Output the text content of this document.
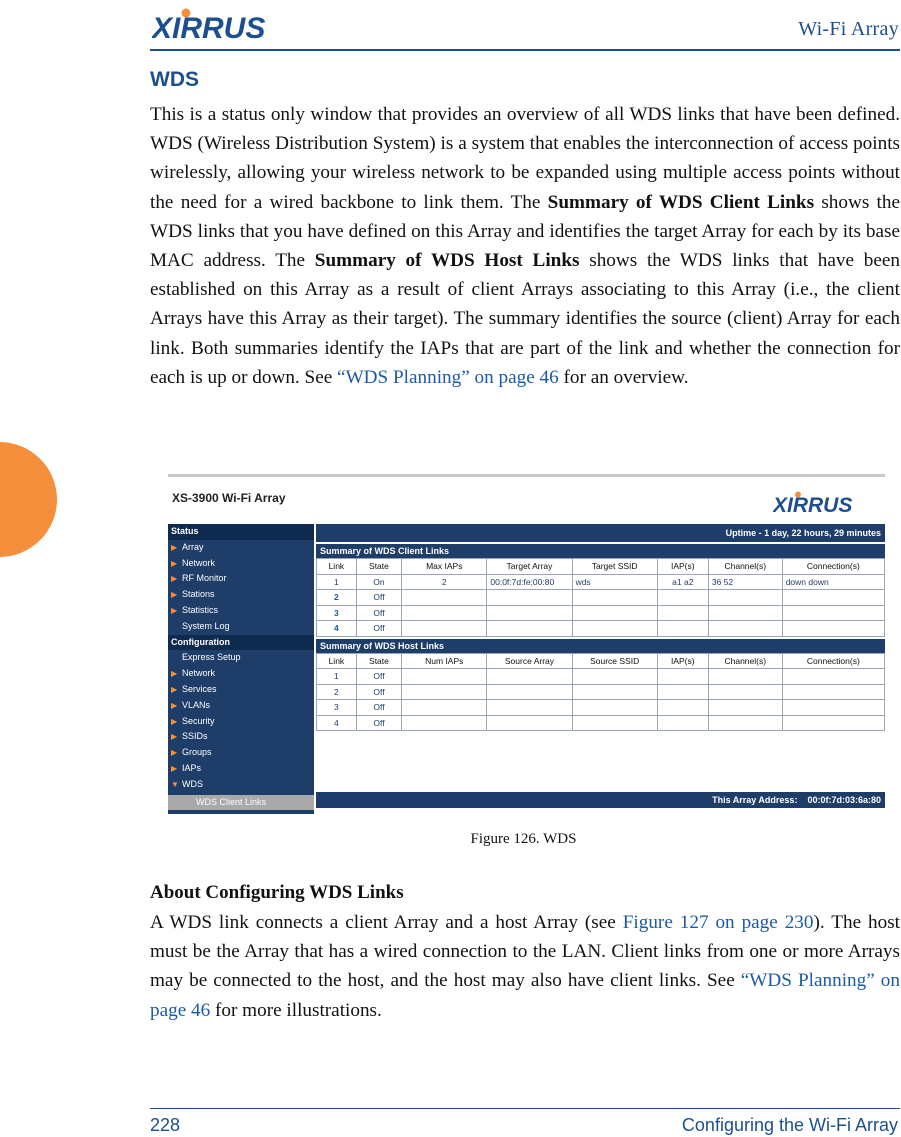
XIRRUS	Wi-Fi Array
WDS

This is a status only window that provides an overview of all WDS links that have been defined. WDS (Wireless Distribution System) is a system that enables the interconnection of access points wirelessly, allowing your wireless network to be expanded using multiple access points without the need for a wired backbone to link them. The Summary of WDS Client Links shows the WDS links that you have defined on this Array and identifies the target Array for each by its base MAC address. The Summary of WDS Host Links shows the WDS links that have been established on this Array as a result of client Arrays associating to this Array (i.e., the client Arrays have this Array as their target). The summary identifies the source (client) Array for each link. Both summaries identify the IAPs that are part of the link and whether the connection for each is up or down. See “WDS Planning” on page 46 for an overview.

XS-3900 Wi-Fi Array	XIRRUS
Status
▶ Array
▶ Network
▶ RF Monitor
▶ Stations
▶ Statistics
System Log
Configuration
Express Setup
▶ Network
▶ Services
▶ VLANs
▶ Security
▶ SSIDs
▶ Groups
▶ IAPs
▼ WDS
WDS Client Links
Uptime - 1 day, 22 hours, 29 minutes
Summary of WDS Client Links
Link	State	Max IAPs	Target Array	Target SSID	IAP(s)	Channel(s)	Connection(s)
1	On	2	00:0f:7d:fe:00:80	wds	a1 a2	36 52	down down
2	Off						
3	Off						
4	Off						
Summary of WDS Host Links
Link	State	Num IAPs	Source Array	Source SSID	IAP(s)	Channel(s)	Connection(s)
1	Off						
2	Off						
3	Off						
4	Off						
This Array Address: 00:0f:7d:03:6a:80
Figure 126. WDS
About Configuring WDS Links

A WDS link connects a client Array and a host Array (see Figure 127 on page 230). The host must be the Array that has a wired connection to the LAN. Client links from one or more Arrays may be connected to the host, and the host may also have client links. See “WDS Planning” on page 46 for more illustrations.

228	Configuring the Wi-Fi Array
